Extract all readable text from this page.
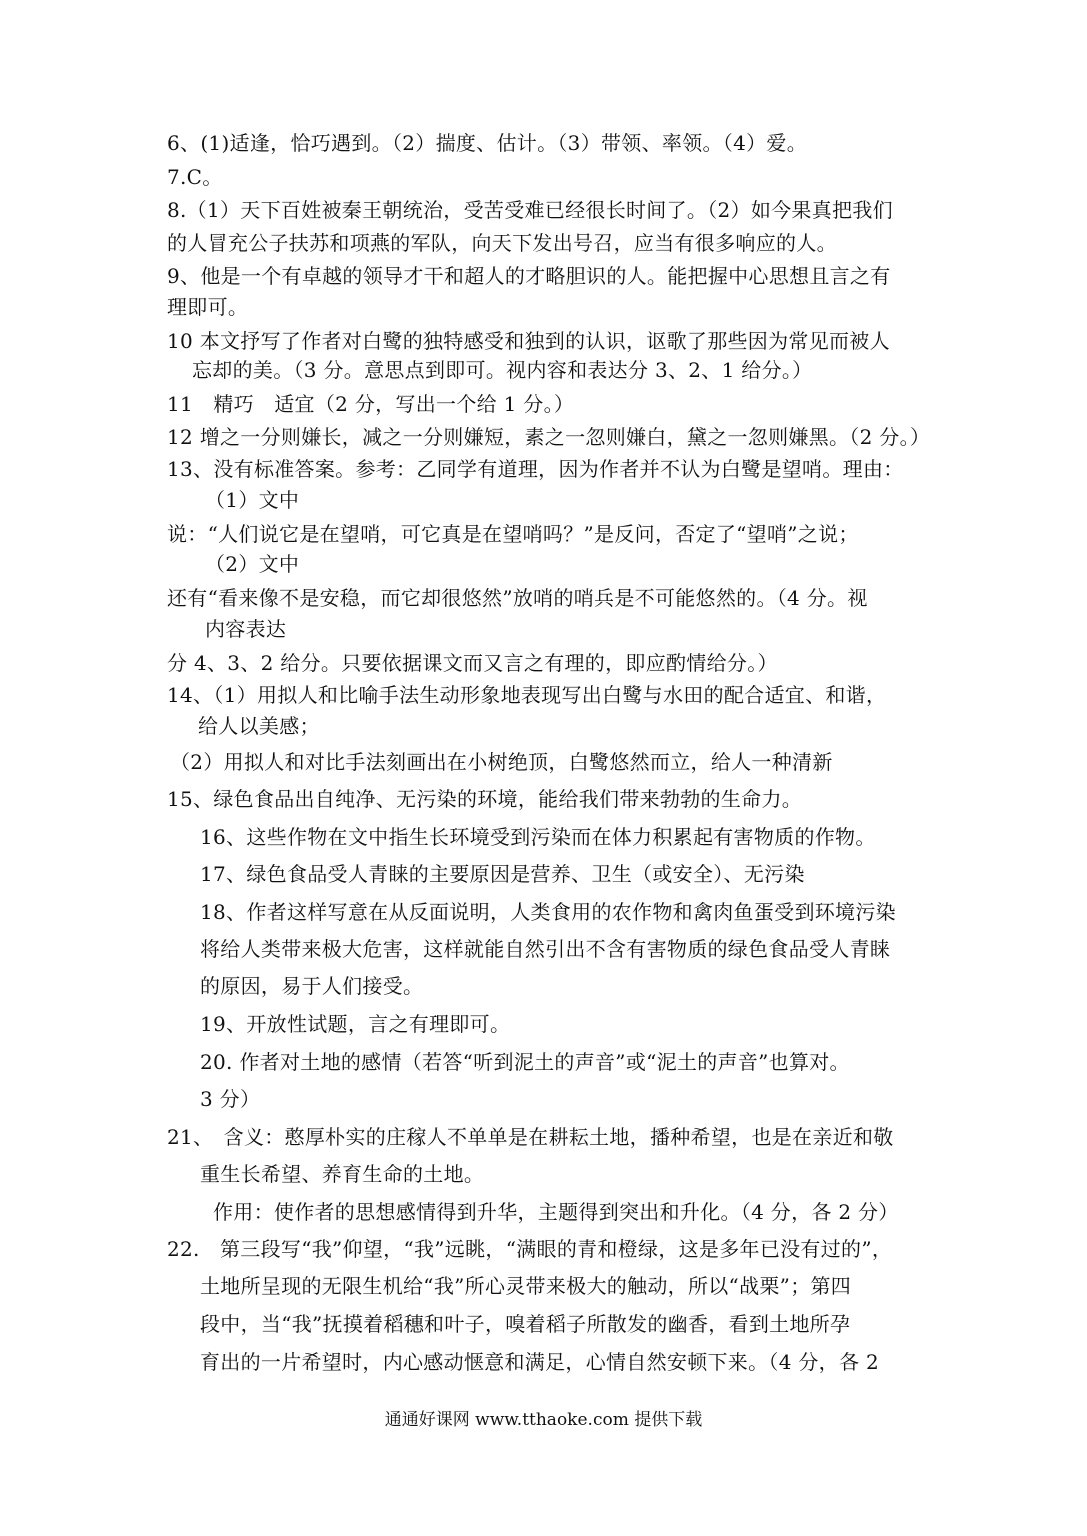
6、(1)适逢，恰巧遇到。（2）揣度、估计。（3）带领、率领。（4）爱。
7.C。
8.（1）天下百姓被秦王朝统治，受苦受难已经很长时间了。（2）如今果真把我们
的人冒充公子扶苏和项燕的军队，向天下发出号召，应当有很多响应的人。
9、他是一个有卓越的领导才干和超人的才略胆识的人。能把握中心思想且言之有
理即可。
10 本文抒写了作者对白鹭的独特感受和独到的认识，讴歌了那些因为常见而被人
忘却的美。（3 分。意思点到即可。视内容和表达分 3、2、1 给分。）
11　精巧　适宜（2 分，写出一个给 1 分。）
12 增之一分则嫌长，减之一分则嫌短，素之一忽则嫌白，黛之一忽则嫌黑。（2 分。）
13、没有标准答案。参考：乙同学有道理，因为作者并不认为白鹭是望哨。理由：
（1）文中
说：“人们说它是在望哨，可它真是在望哨吗？”是反问，否定了“望哨”之说；
（2）文中
还有“看来像不是安稳，而它却很悠然”放哨的哨兵是不可能悠然的。（4 分。视
内容表达
分 4、3、2 给分。只要依据课文而又言之有理的，即应酌情给分。）
14、（1）用拟人和比喻手法生动形象地表现写出白鹭与水田的配合适宜、和谐，
给人以美感；
（2）用拟人和对比手法刻画出在小树绝顶，白鹭悠然而立，给人一种清新
15、绿色食品出自纯净、无污染的环境，能给我们带来勃勃的生命力。
16、这些作物在文中指生长环境受到污染而在体力积累起有害物质的作物。
17、绿色食品受人青睐的主要原因是营养、卫生（或安全）、无污染
18、作者这样写意在从反面说明，人类食用的农作物和禽肉鱼蛋受到环境污染
将给人类带来极大危害，这样就能自然引出不含有害物质的绿色食品受人青睐
的原因，易于人们接受。
19、开放性试题，言之有理即可。
20. 作者对土地的感情（若答“听到泥土的声音”或“泥土的声音”也算对。
3 分）
21、　含义：憨厚朴实的庄稼人不单单是在耕耘土地，播种希望，也是在亲近和敬
重生长希望、养育生命的土地。
作用：使作者的思想感情得到升华，主题得到突出和升化。（4 分，各 2 分）
22.　第三段写“我”仰望，“我”远眺，“满眼的青和橙绿，这是多年已没有过的”，
土地所呈现的无限生机给“我”所心灵带来极大的触动，所以“战栗”；第四
段中，当“我”抚摸着稻穗和叶子，嗅着稻子所散发的幽香，看到土地所孕
育出的一片希望时，内心感动惬意和满足，心情自然安顿下来。（4 分，各 2
通通好课网 www.tthaoke.com 提供下载
